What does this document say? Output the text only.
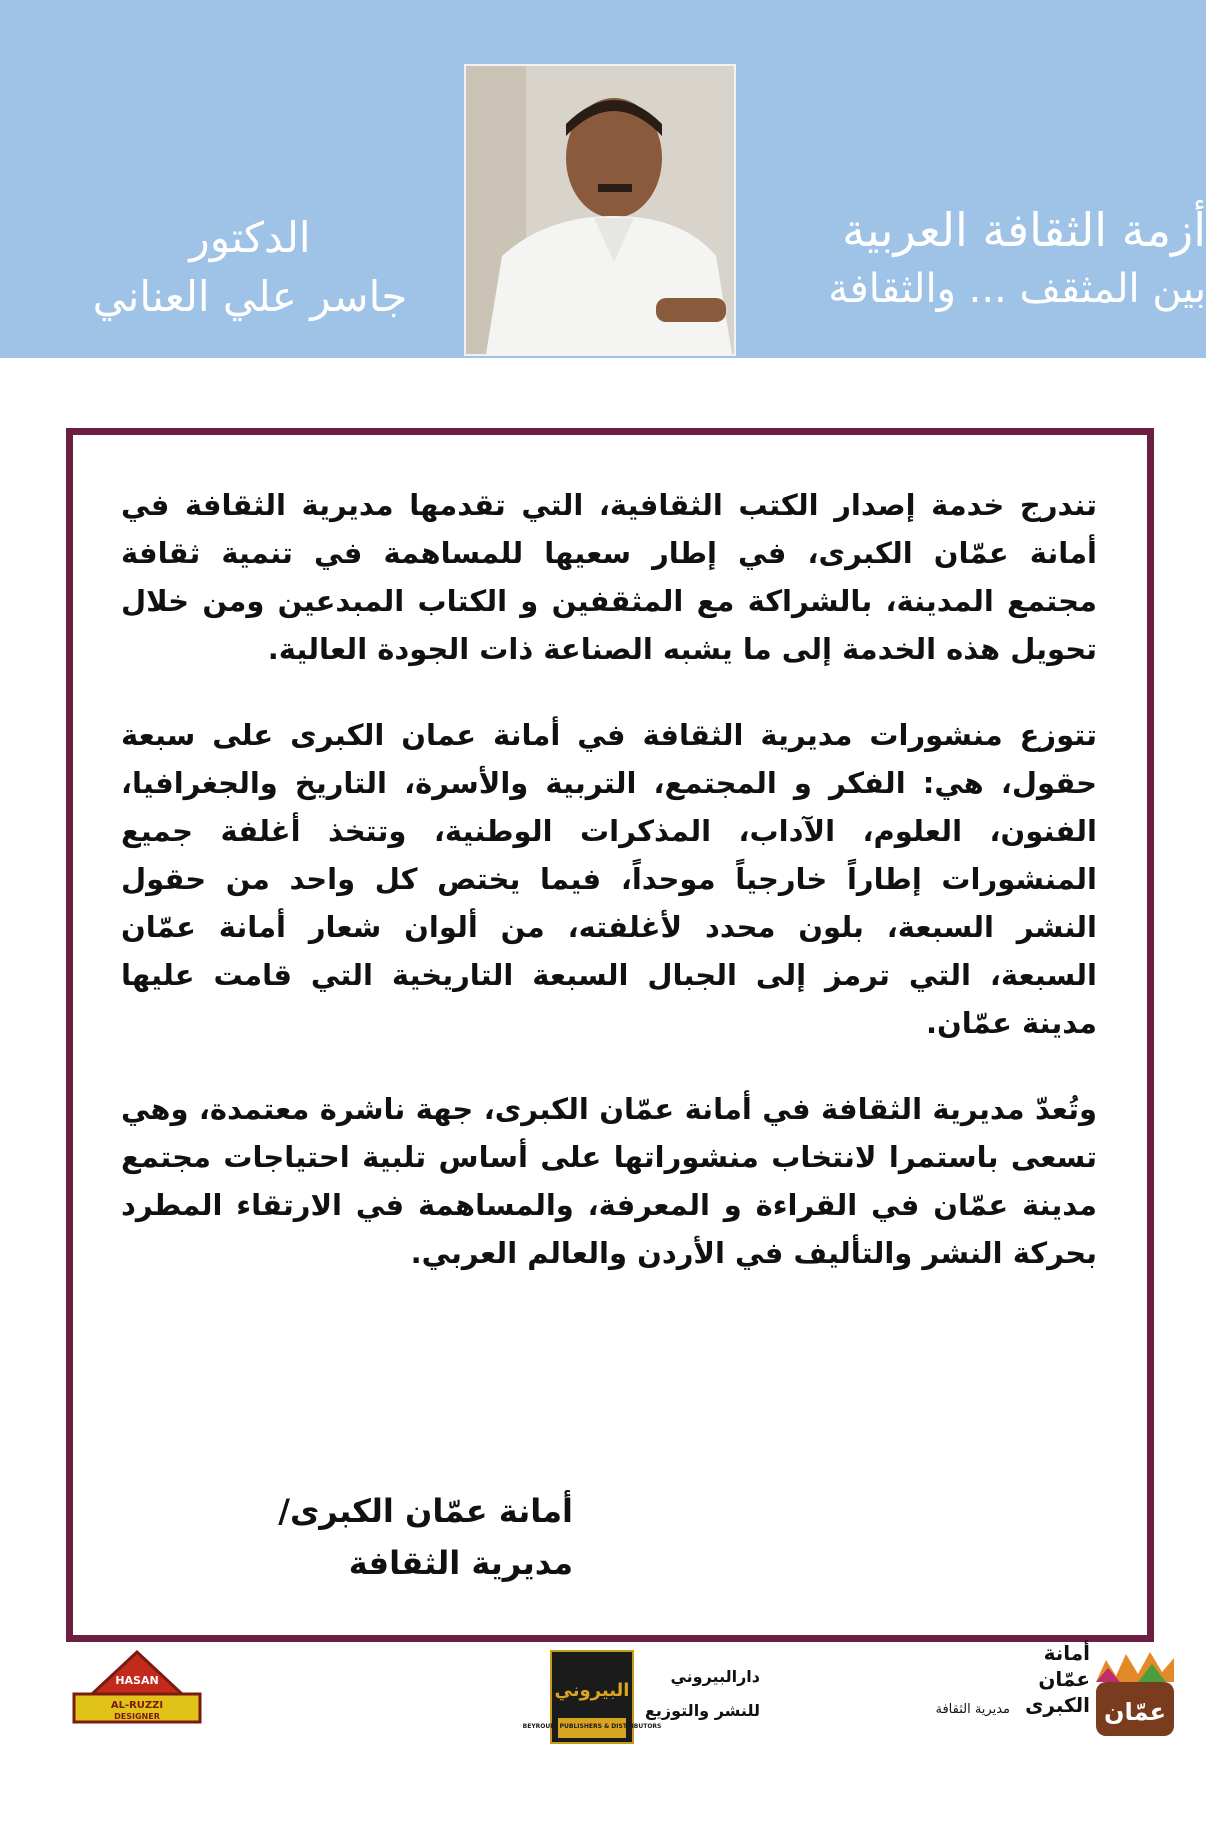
أزمة الثقافة العربية
بين المثقف ... والثقافة
الدكتور
جاسر علي العناني

تندرج خدمة إصدار الكتب الثقافية، التي تقدمها مديرية الثقافة في أمانة عمّان الكبرى، في إطار سعيها للمساهمة في تنمية ثقافة مجتمع المدينة، بالشراكة مع المثقفين و الكتاب المبدعين ومن خلال تحويل هذه الخدمة إلى ما يشبه الصناعة ذات الجودة العالية.

تتوزع منشورات مديرية الثقافة في أمانة عمان الكبرى على سبعة حقول، هي: الفكر و المجتمع، التربية والأسرة، التاريخ والجغرافيا، الفنون، العلوم، الآداب، المذكرات الوطنية، وتتخذ أغلفة جميع المنشورات إطاراً خارجياً موحداً، فيما يختص كل واحد من حقول النشر السبعة، بلون محدد لأغلفته، من ألوان شعار أمانة عمّان السبعة، التي ترمز إلى الجبال السبعة التاريخية التي قامت عليها مدينة عمّان.

وتُعدّ مديرية الثقافة في أمانة عمّان الكبرى، جهة ناشرة معتمدة، وهي تسعى باستمرا لانتخاب منشوراتها على أساس تلبية احتياجات مجتمع مدينة عمّان في القراءة و المعرفة، والمساهمة في الارتقاء المطرد بحركة النشر والتأليف في الأردن والعالم العربي.

أمانة عمّان الكبرى/
مديرية الثقافة
HASAN
AL-RUZZI
DESIGNER
البيروني
BEYROUNI PUBLISHERS & DISTRIBUTORS
دارالبيروني
للنشر والتوزيع	مديرية الثقافة
أمانة
عمّان
الكبرى عمّان
